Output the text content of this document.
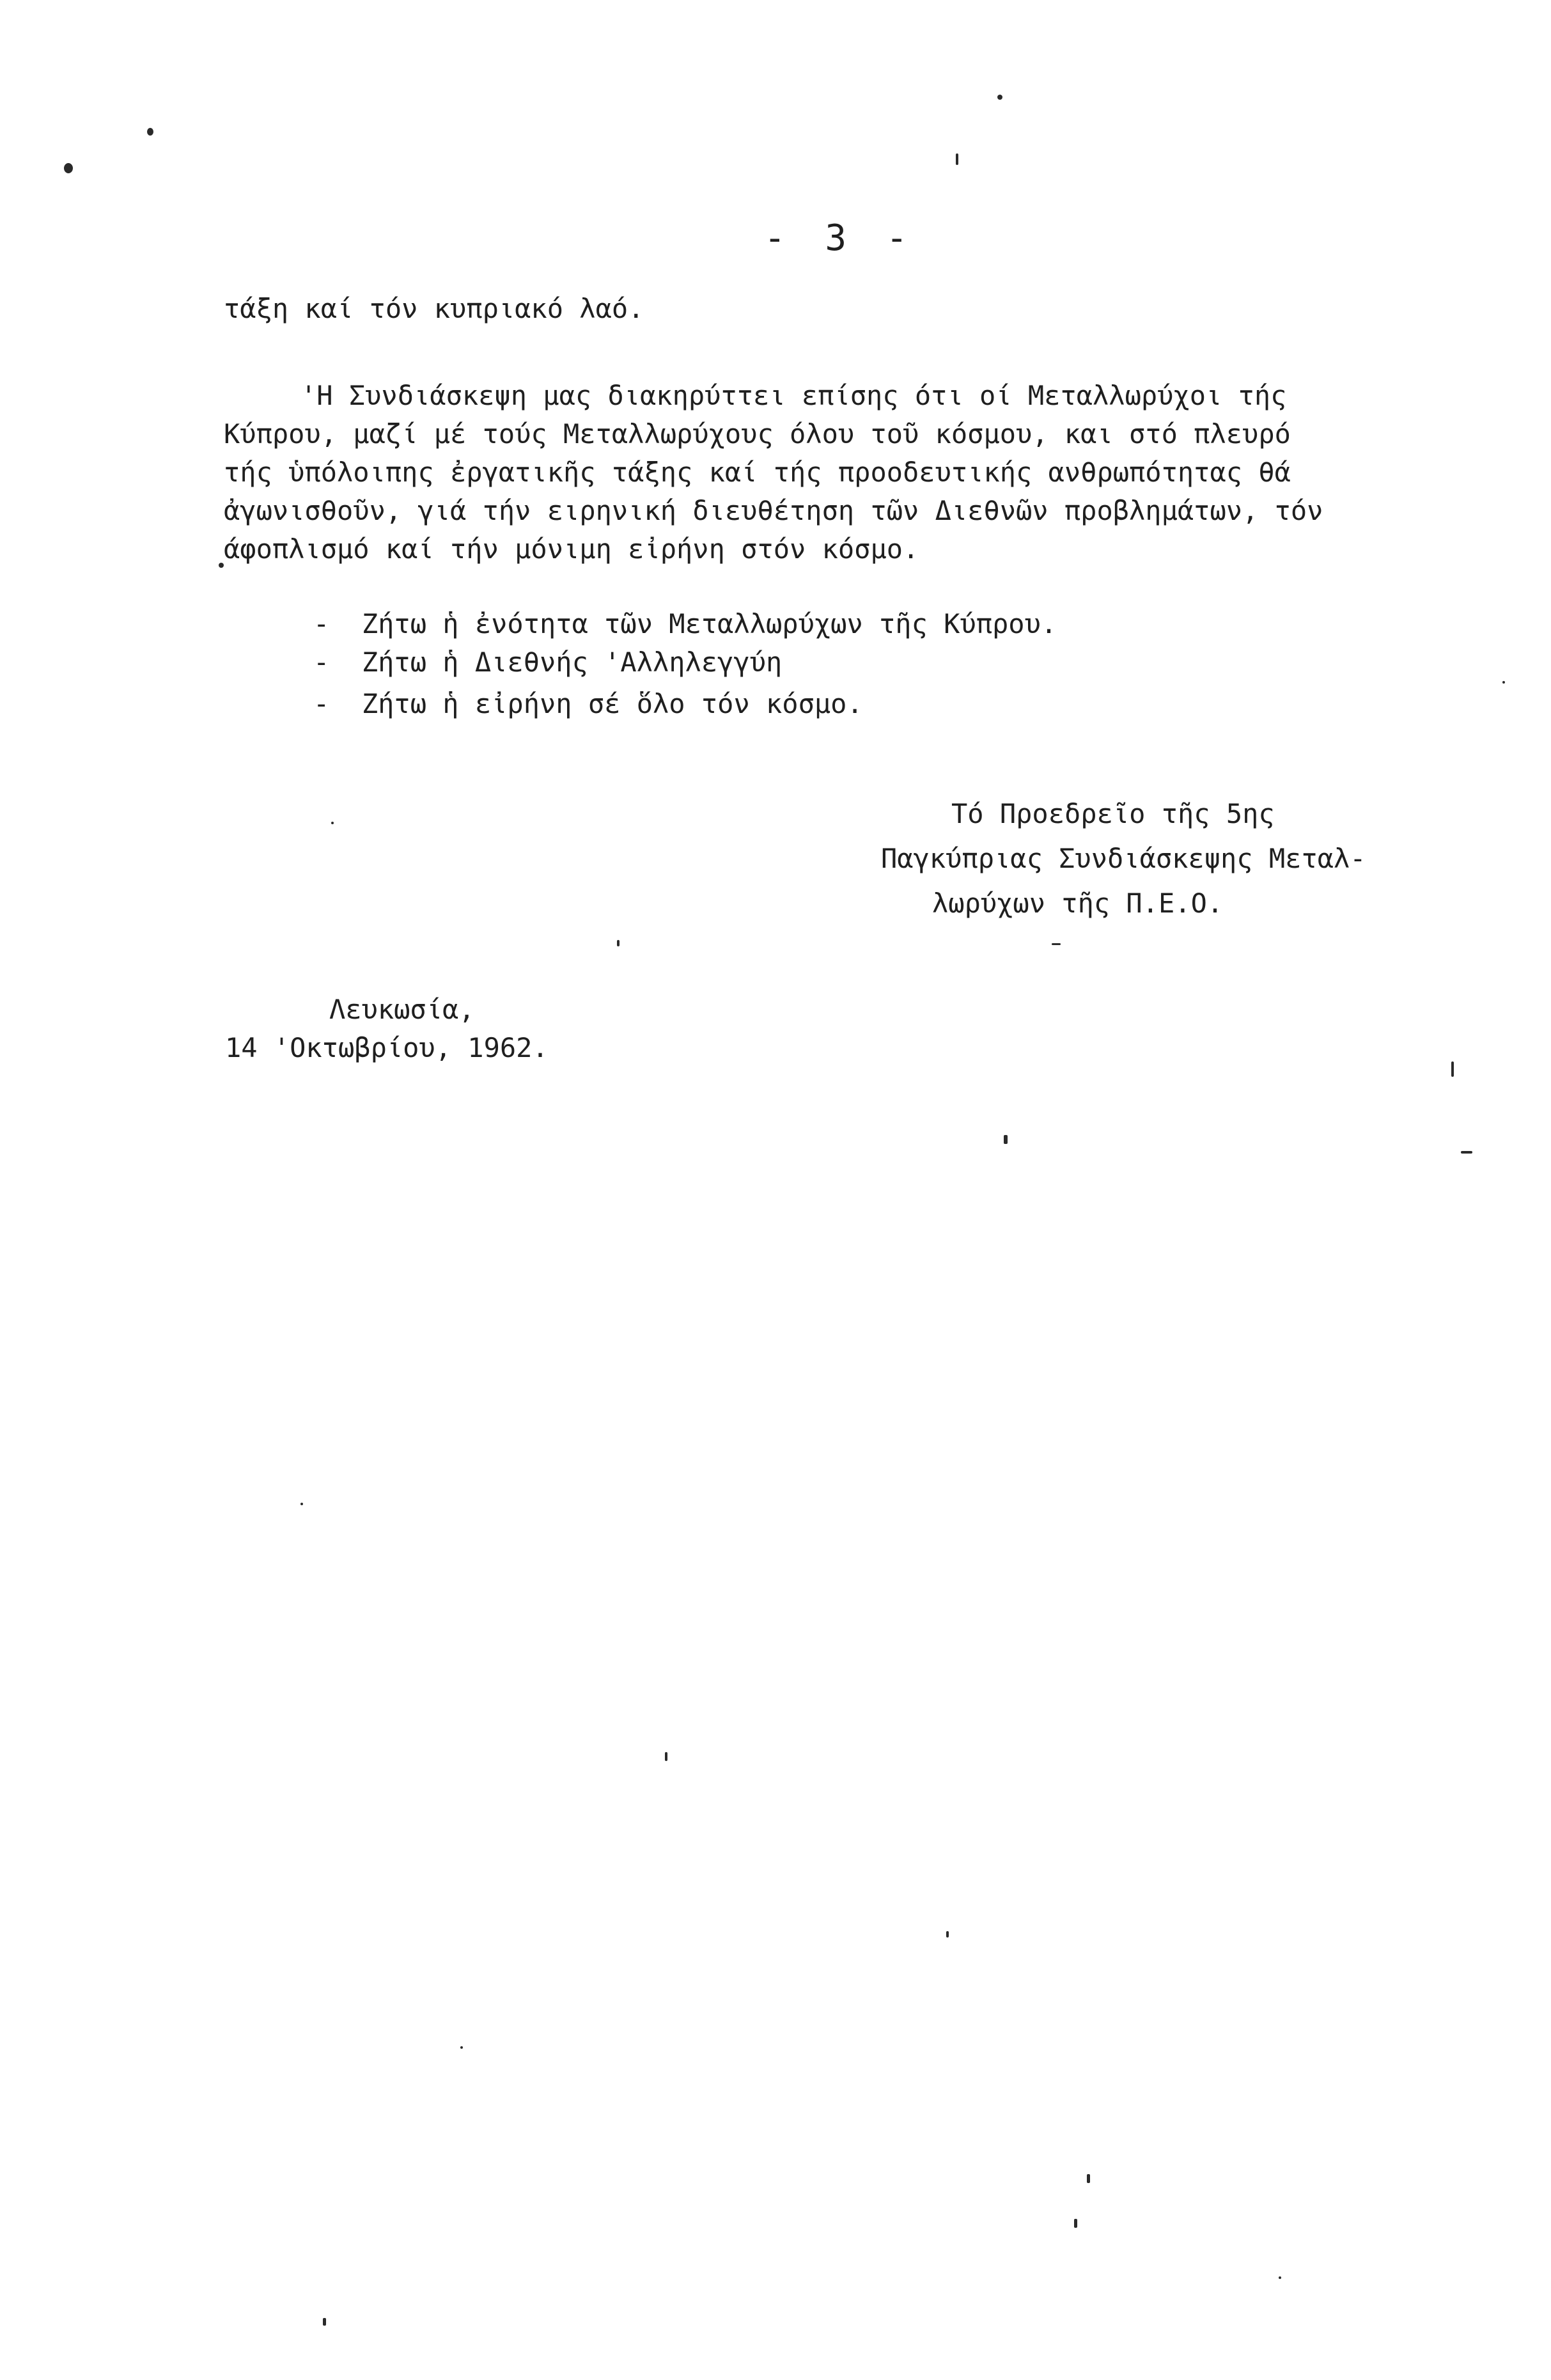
- 3 -
τάξη καί τόν κυπριακό λαό.
'Η Συνδιάσκεψη μας διακηρύττει επίσης ότι οί Μεταλλωρύχοι τής
Κύπρου, μαζί μέ τούς Μεταλλωρύχους όλου τοῦ κόσμου, και στό πλευρό
τής ὑπόλοιπης ἐργατικῆς τάξης καί τής προοδευτικής ανθρωπότητας θά
ἀγωνισθοῦν, γιά τήν ειρηνική διευθέτηση τῶν Διεθνῶν προβλημάτων, τόν
άφοπλισμό καί τήν μόνιμη εἰρήνη στόν κόσμο.
-  Ζήτω ἡ ἐνότητα τῶν Μεταλλωρύχων τῆς Κύπρου.
-  Ζήτω ἡ Διεθνής 'Αλληλεγγύη
-  Ζήτω ἡ εἰρήνη σέ ὅλο τόν κόσμο.
Τό Προεδρεῖο τῆς 5ης
Παγκύπριας Συνδιάσκεψης Μεταλ-
λωρύχων τῆς Π.Ε.Ο.
Λευκωσία,
14 'Οκτωβρίου, 1962.
